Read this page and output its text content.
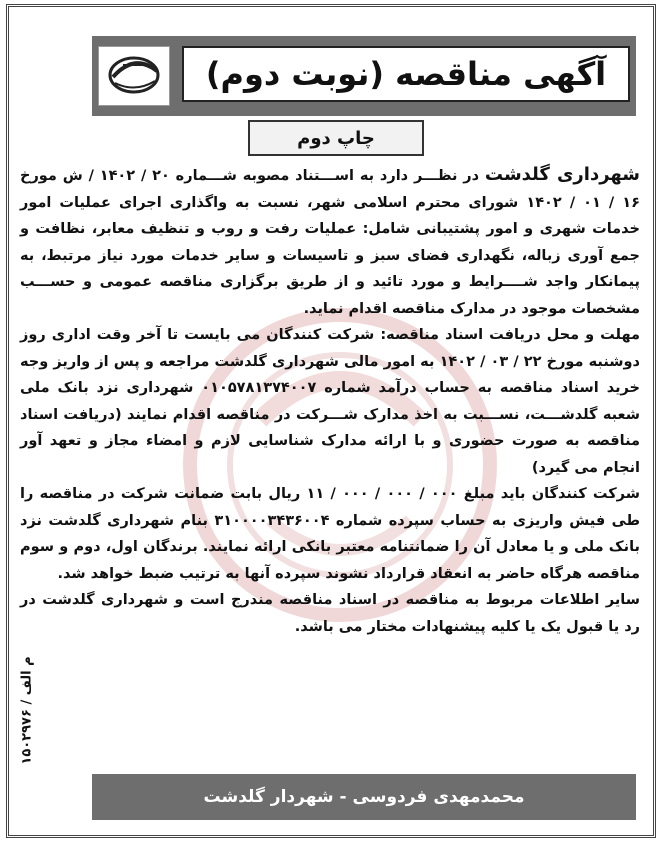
آگهی مناقصه (نوبت دوم)
چاپ دوم

شهرداری گلدشت در نظـــر دارد به اســـتناد مصوبه شـــماره ۲۰ / ۱۴۰۲ / ش مورخ ۱۶ / ۰۱ / ۱۴۰۲ شورای محترم اسلامی شهر، نسبت به واگذاری اجرای عملیات امور خدمات شهری و امور پشتیبانی شامل: عملیات رفت و روب و تنظیف معابر، نظافت و جمع آوری زباله، نگهداری فضای سبز و تاسیسات و سایر خدمات مورد نیاز مرتبط، به پیمانکار واجد شــــرایط و مورد تائید و از طریق برگزاری مناقصه عمومی و حســـب مشخصات موجود در مدارک مناقصه اقدام نماید.

مهلت و محل دریافت اسناد مناقصه: شرکت کنندگان می بایست تا آخر وقت اداری روز دوشنبه مورخ ۲۲ / ۰۳ / ۱۴۰۲ به امور مالی شهرداری گلدشت مراجعه و پس از واریز وجه خرید اسناد مناقصه به حساب درآمد شماره ۰۱۰۵۷۸۱۳۷۴۰۰۷ شهرداری نزد بانک ملی شعبه گلدشـــت، نســـبت به اخذ مدارک شـــرکت در مناقصه اقدام نمایند (دریافت اسناد مناقصه به صورت حضوری و با ارائه مدارک شناسایی لازم و امضاء مجاز و تعهد آور انجام می گیرد)

شرکت کنندگان باید مبلغ ۰۰۰ / ۰۰۰ / ۰۰۰ / ۱۱ ریال بابت ضمانت شرکت در مناقصه را طی فیش واریزی به حساب سپرده شماره ۳۱۰۰۰۰۳۴۳۶۰۰۴ بنام شهرداری گلدشت نزد بانک ملی و یا معادل آن را ضمانتنامه معتبر بانکی ارائه نمایند. برندگان اول، دوم و سوم مناقصه هرگاه حاضر به انعقاد قرارداد نشوند سپرده آنها به ترتیب ضبط خواهد شد.

سایر اطلاعات مربوط به مناقصه در اسناد مناقصه مندرج است و شهرداری گلدشت در رد یا قبول یک یا کلیه پیشنهادات مختار می باشد.

م الف / ۱۵۰۲۹۷۶
محمدمهدی فردوسی - شهردار گلدشت
